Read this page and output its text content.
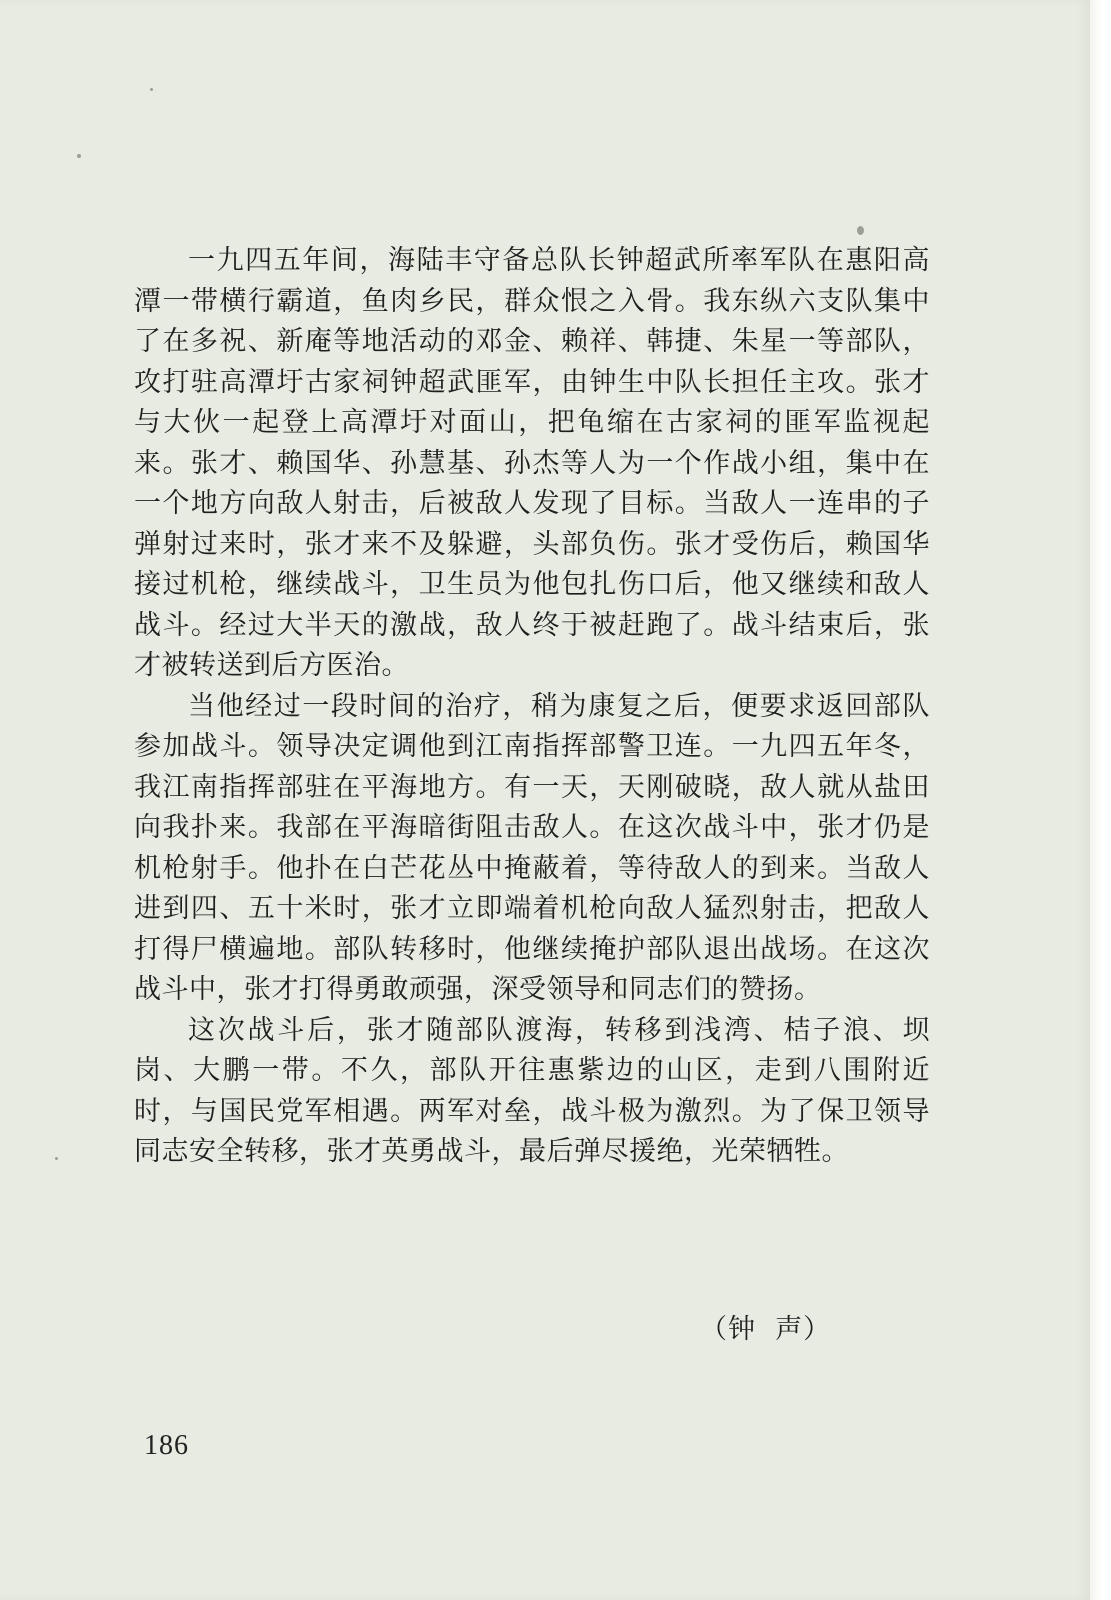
一九四五年间，海陆丰守备总队长钟超武所率军队在惠阳高潭一带横行霸道，鱼肉乡民，群众恨之入骨。我东纵六支队集中了在多祝、新庵等地活动的邓金、赖祥、韩捷、朱星一等部队，攻打驻高潭圩古家祠钟超武匪军，由钟生中队长担任主攻。张才与大伙一起登上高潭圩对面山，把龟缩在古家祠的匪军监视起来。张才、赖国华、孙慧基、孙杰等人为一个作战小组，集中在一个地方向敌人射击，后被敌人发现了目标。当敌人一连串的子弹射过来时，张才来不及躲避，头部负伤。张才受伤后，赖国华接过机枪，继续战斗，卫生员为他包扎伤口后，他又继续和敌人战斗。经过大半天的激战，敌人终于被赶跑了。战斗结束后，张才被转送到后方医治。

当他经过一段时间的治疗，稍为康复之后，便要求返回部队参加战斗。领导决定调他到江南指挥部警卫连。一九四五年冬，我江南指挥部驻在平海地方。有一天，天刚破晓，敌人就从盐田向我扑来。我部在平海暗街阻击敌人。在这次战斗中，张才仍是机枪射手。他扑在白芒花丛中掩蔽着，等待敌人的到来。当敌人进到四、五十米时，张才立即端着机枪向敌人猛烈射击，把敌人打得尸横遍地。部队转移时，他继续掩护部队退出战场。在这次战斗中，张才打得勇敢顽强，深受领导和同志们的赞扬。

这次战斗后，张才随部队渡海，转移到浅湾、桔子浪、坝岗、大鹏一带。不久，部队开往惠紫边的山区，走到八围附近时，与国民党军相遇。两军对垒，战斗极为激烈。为了保卫领导同志安全转移，张才英勇战斗，最后弹尽援绝，光荣牺牲。

（钟  声）
186
